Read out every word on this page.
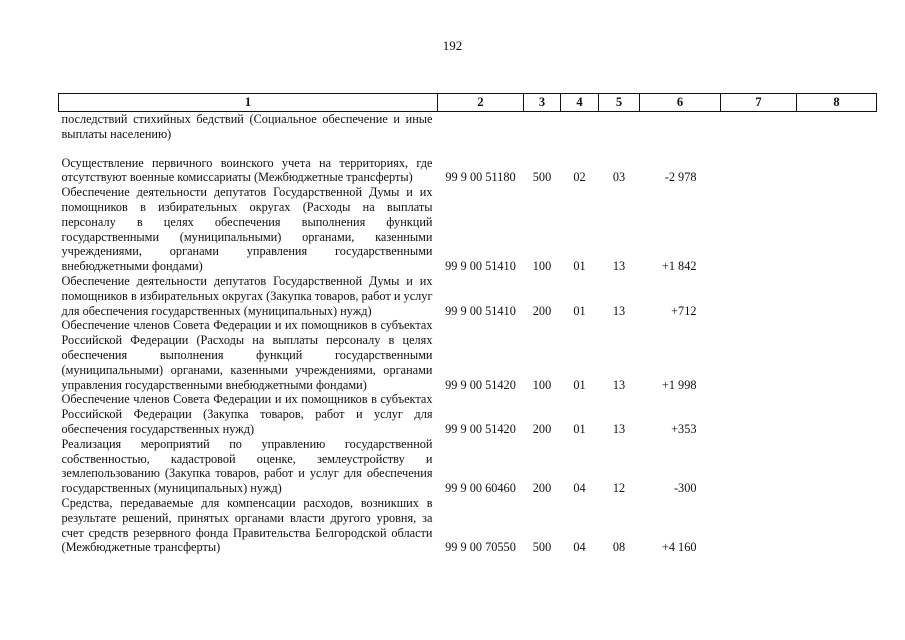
192
1	2	3	4	5	6	7	8
последствий стихийных бедствий (Социальное обеспечение и иные выплаты населению)							

Осуществление первичного воинского учета на территориях, где отсутствуют военные комиссариаты (Межбюджетные трансферты)	99 9 00 51180	500	02	03	-2 978		
Обеспечение деятельности депутатов Государственной Думы и их помощников в избирательных округах (Расходы на выплаты персоналу в целях обеспечения выполнения функций государственными (муниципальными) органами, казенными учреждениями, органами управления государственными внебюджетными фондами)	99 9 00 51410	100	01	13	+1 842		
Обеспечение деятельности депутатов Государственной Думы и их помощников в избирательных округах (Закупка товаров, работ и услуг для обеспечения государственных (муниципальных) нужд)	99 9 00 51410	200	01	13	+712		
Обеспечение членов Совета Федерации и их помощников в субъектах Российской Федерации (Расходы на выплаты персоналу в целях обеспечения выполнения функций государственными (муниципальными) органами, казенными учреждениями, органами управления государственными внебюджетными фондами)	99 9 00 51420	100	01	13	+1 998		
Обеспечение членов Совета Федерации и их помощников в субъектах Российской Федерации (Закупка товаров, работ и услуг для обеспечения государственных нужд)	99 9 00 51420	200	01	13	+353		
Реализация мероприятий по управлению государственной собственностью, кадастровой оценке, землеустройству и землепользованию (Закупка товаров, работ и услуг для обеспечения государственных (муниципальных) нужд)	99 9 00 60460	200	04	12	-300		
Средства, передаваемые для компенсации расходов, возникших в результате решений, принятых органами власти другого уровня, за счет средств резервного фонда Правительства Белгородской области (Межбюджетные трансферты)	99 9 00 70550	500	04	08	+4 160		
